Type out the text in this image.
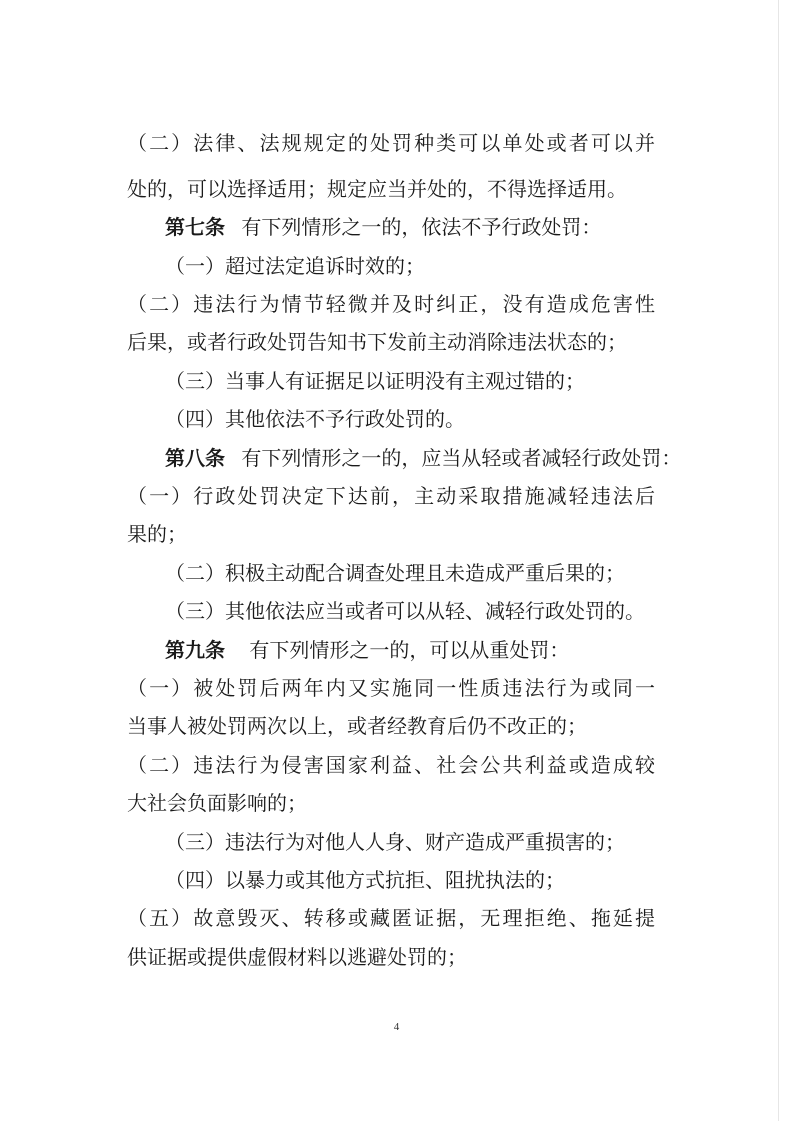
（二）法律、法规规定的处罚种类可以单处或者可以并
处的，可以选择适用；规定应当并处的，不得选择适用。
第七条 有下列情形之一的，依法不予行政处罚：
（一）超过法定追诉时效的；
（二）违法行为情节轻微并及时纠正，没有造成危害性
后果，或者行政处罚告知书下发前主动消除违法状态的；
（三）当事人有证据足以证明没有主观过错的；
（四）其他依法不予行政处罚的。
第八条 有下列情形之一的，应当从轻或者减轻行政处罚：
（一）行政处罚决定下达前，主动采取措施减轻违法后
果的；
（二）积极主动配合调查处理且未造成严重后果的；
（三）其他依法应当或者可以从轻、减轻行政处罚的。
第九条 有下列情形之一的，可以从重处罚：
（一）被处罚后两年内又实施同一性质违法行为或同一
当事人被处罚两次以上，或者经教育后仍不改正的；
（二）违法行为侵害国家利益、社会公共利益或造成较
大社会负面影响的；
（三）违法行为对他人人身、财产造成严重损害的；
（四）以暴力或其他方式抗拒、阻扰执法的；
（五）故意毁灭、转移或藏匿证据，无理拒绝、拖延提
供证据或提供虚假材料以逃避处罚的；
4
